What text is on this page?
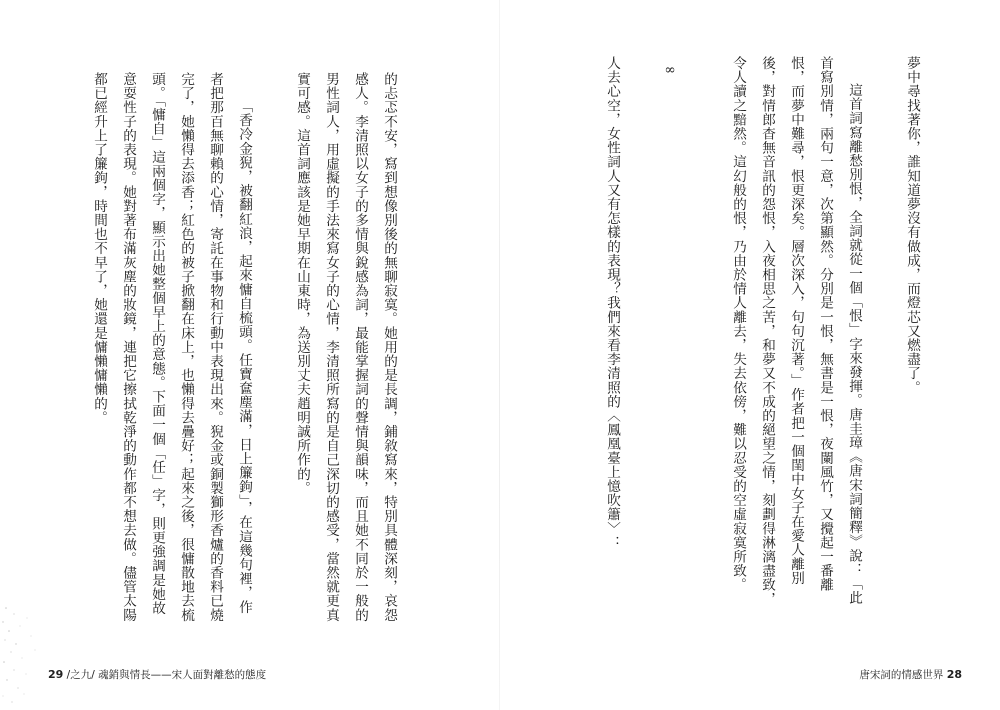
的忐忑不安，寫到想像別後的無聊寂寞。她用的是長調，鋪敘寫來，特別具體深刻，哀怨感人。李清照以女子的多情與銳感為詞，最能掌握詞的聲情與韻味，而且她不同於一般的男性詞人，用虛擬的手法來寫女子的心情，李清照所寫的是自己深切的感受，當然就更真實可感。這首詞應該是她早期在山東時，為送別丈夫趙明誠所作的。

「香冷金猊，被翻紅浪，起來慵自梳頭。任寶奩塵滿，日上簾鉤」，在這幾句裡，作者把那百無聊賴的心情，寄託在事物和行動中表現出來。猊金或銅製獅形香爐的香料已燒完了，她懶得去添香；紅色的被子掀翻在床上，也懶得去疊好；起來之後，很慵散地去梳頭。「慵自」這兩個字，顯示出她整個早上的意態。下面一個「任」字，則更強調是她故意耍性子的表現。她對著布滿灰塵的妝鏡，連把它擦拭乾淨的動作都不想去做。儘管太陽都已經升上了簾鉤，時間也不早了，她還是慵懶慵懶的。

29 /之九/ 魂銷與情長——宋人面對離愁的態度

夢中尋找著你，誰知道夢沒有做成，而燈芯又燃盡了。

這首詞寫離愁別恨，全詞就從一個「恨」字來發揮。唐圭璋《唐宋詞簡釋》說：「此首寫別情，兩句一意，次第顯然。分別是一恨，無書是一恨，夜闌風竹，又攪起一番離恨，而夢中難尋，恨更深矣。層次深入，句句沉著。」作者把一個閨中女子在愛人離別後，對情郎杳無音訊的怨恨，入夜相思之苦，和夢又不成的絕望之情，刻劃得淋漓盡致，令人讀之黯然。這幻般的恨，乃由於情人離去，失去依傍，難以忍受的空虛寂寞所致。

∞

人去心空，女性詞人又有怎樣的表現？我們來看李清照的〈鳳凰臺上憶吹簫〉：

唐宋詞的情感世界 28
